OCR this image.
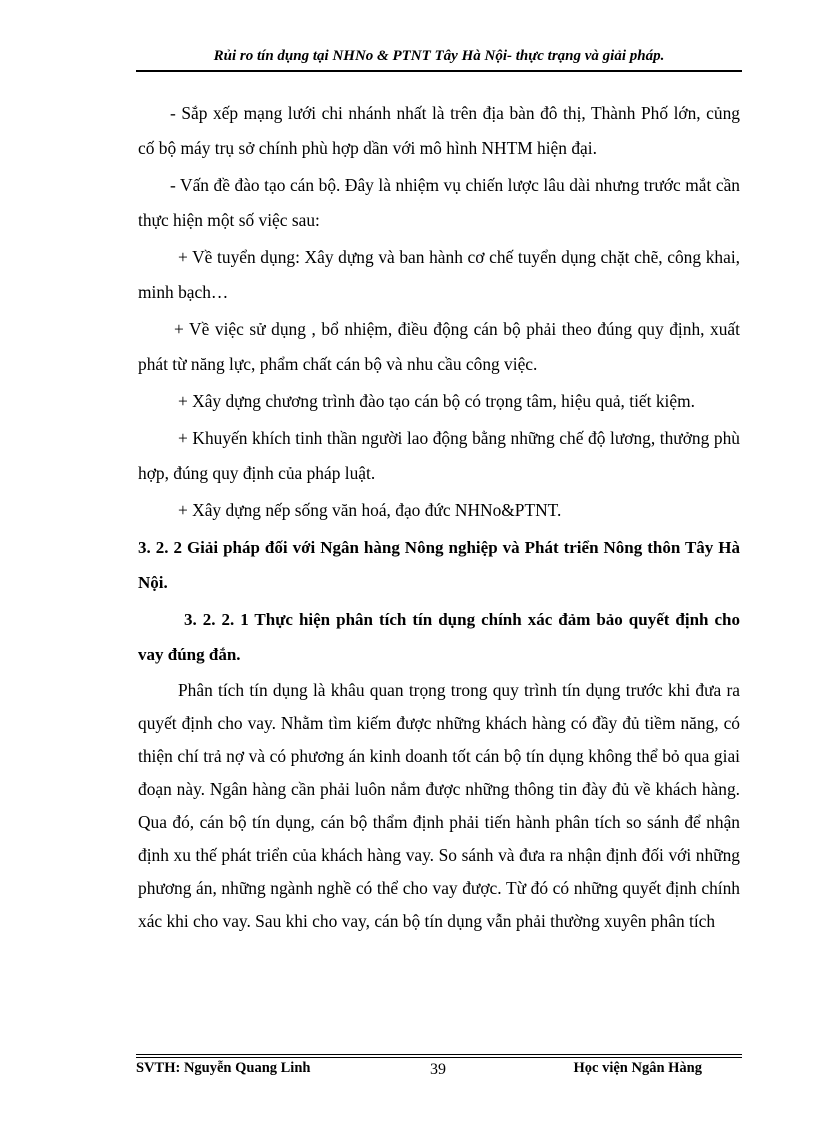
Rủi ro tín dụng tại NHNo & PTNT Tây Hà Nội- thực trạng và giải pháp.

- Sắp xếp mạng lưới chi nhánh nhất là trên địa bàn đô thị, Thành Phố lớn, củng cố bộ máy trụ sở chính phù hợp dần với mô hình NHTM hiện đại.

- Vấn đề đào tạo cán bộ. Đây là nhiệm vụ chiến lược lâu dài nhưng trước mắt cần thực hiện một số việc sau:

+ Về tuyển dụng: Xây dựng và ban hành cơ chế tuyển dụng chặt chẽ, công khai, minh bạch…

+ Về việc sử dụng , bổ nhiệm, điều động cán bộ phải theo đúng quy định, xuất phát từ năng lực, phẩm chất cán bộ và nhu cầu công việc.

+ Xây dựng chương trình đào tạo cán bộ có trọng tâm, hiệu quả, tiết kiệm.

+ Khuyến khích tinh thần người lao động bằng những chế độ lương, thưởng phù hợp, đúng quy định của pháp luật.

+ Xây dựng nếp sống văn hoá, đạo đức NHNo&PTNT.

3. 2. 2 Giải pháp đối với Ngân hàng Nông nghiệp và Phát triển Nông thôn Tây Hà Nội.
3. 2. 2. 1 Thực hiện phân tích tín dụng chính xác đảm bảo quyết định cho vay đúng đắn.

Phân tích tín dụng là khâu quan trọng trong quy trình tín dụng trước khi đưa ra quyết định cho vay. Nhằm tìm kiếm được những khách hàng có đầy đủ tiềm năng, có thiện chí trả nợ và có phương án kinh doanh tốt cán bộ tín dụng không thể bỏ qua giai đoạn này. Ngân hàng cần phải luôn nắm được những thông tin đày đủ về khách hàng. Qua đó, cán bộ tín dụng, cán bộ thẩm định phải tiến hành phân tích so sánh để nhận định xu thế phát triển của khách hàng vay. So sánh và đưa ra nhận định đối với những phương án, những ngành nghề có thể cho vay được. Từ đó có những quyết định chính xác khi cho vay. Sau khi cho vay, cán bộ tín dụng vẫn phải thường xuyên phân tích

SVTH: Nguyễn Quang Linh	39	Học viện Ngân Hàng
